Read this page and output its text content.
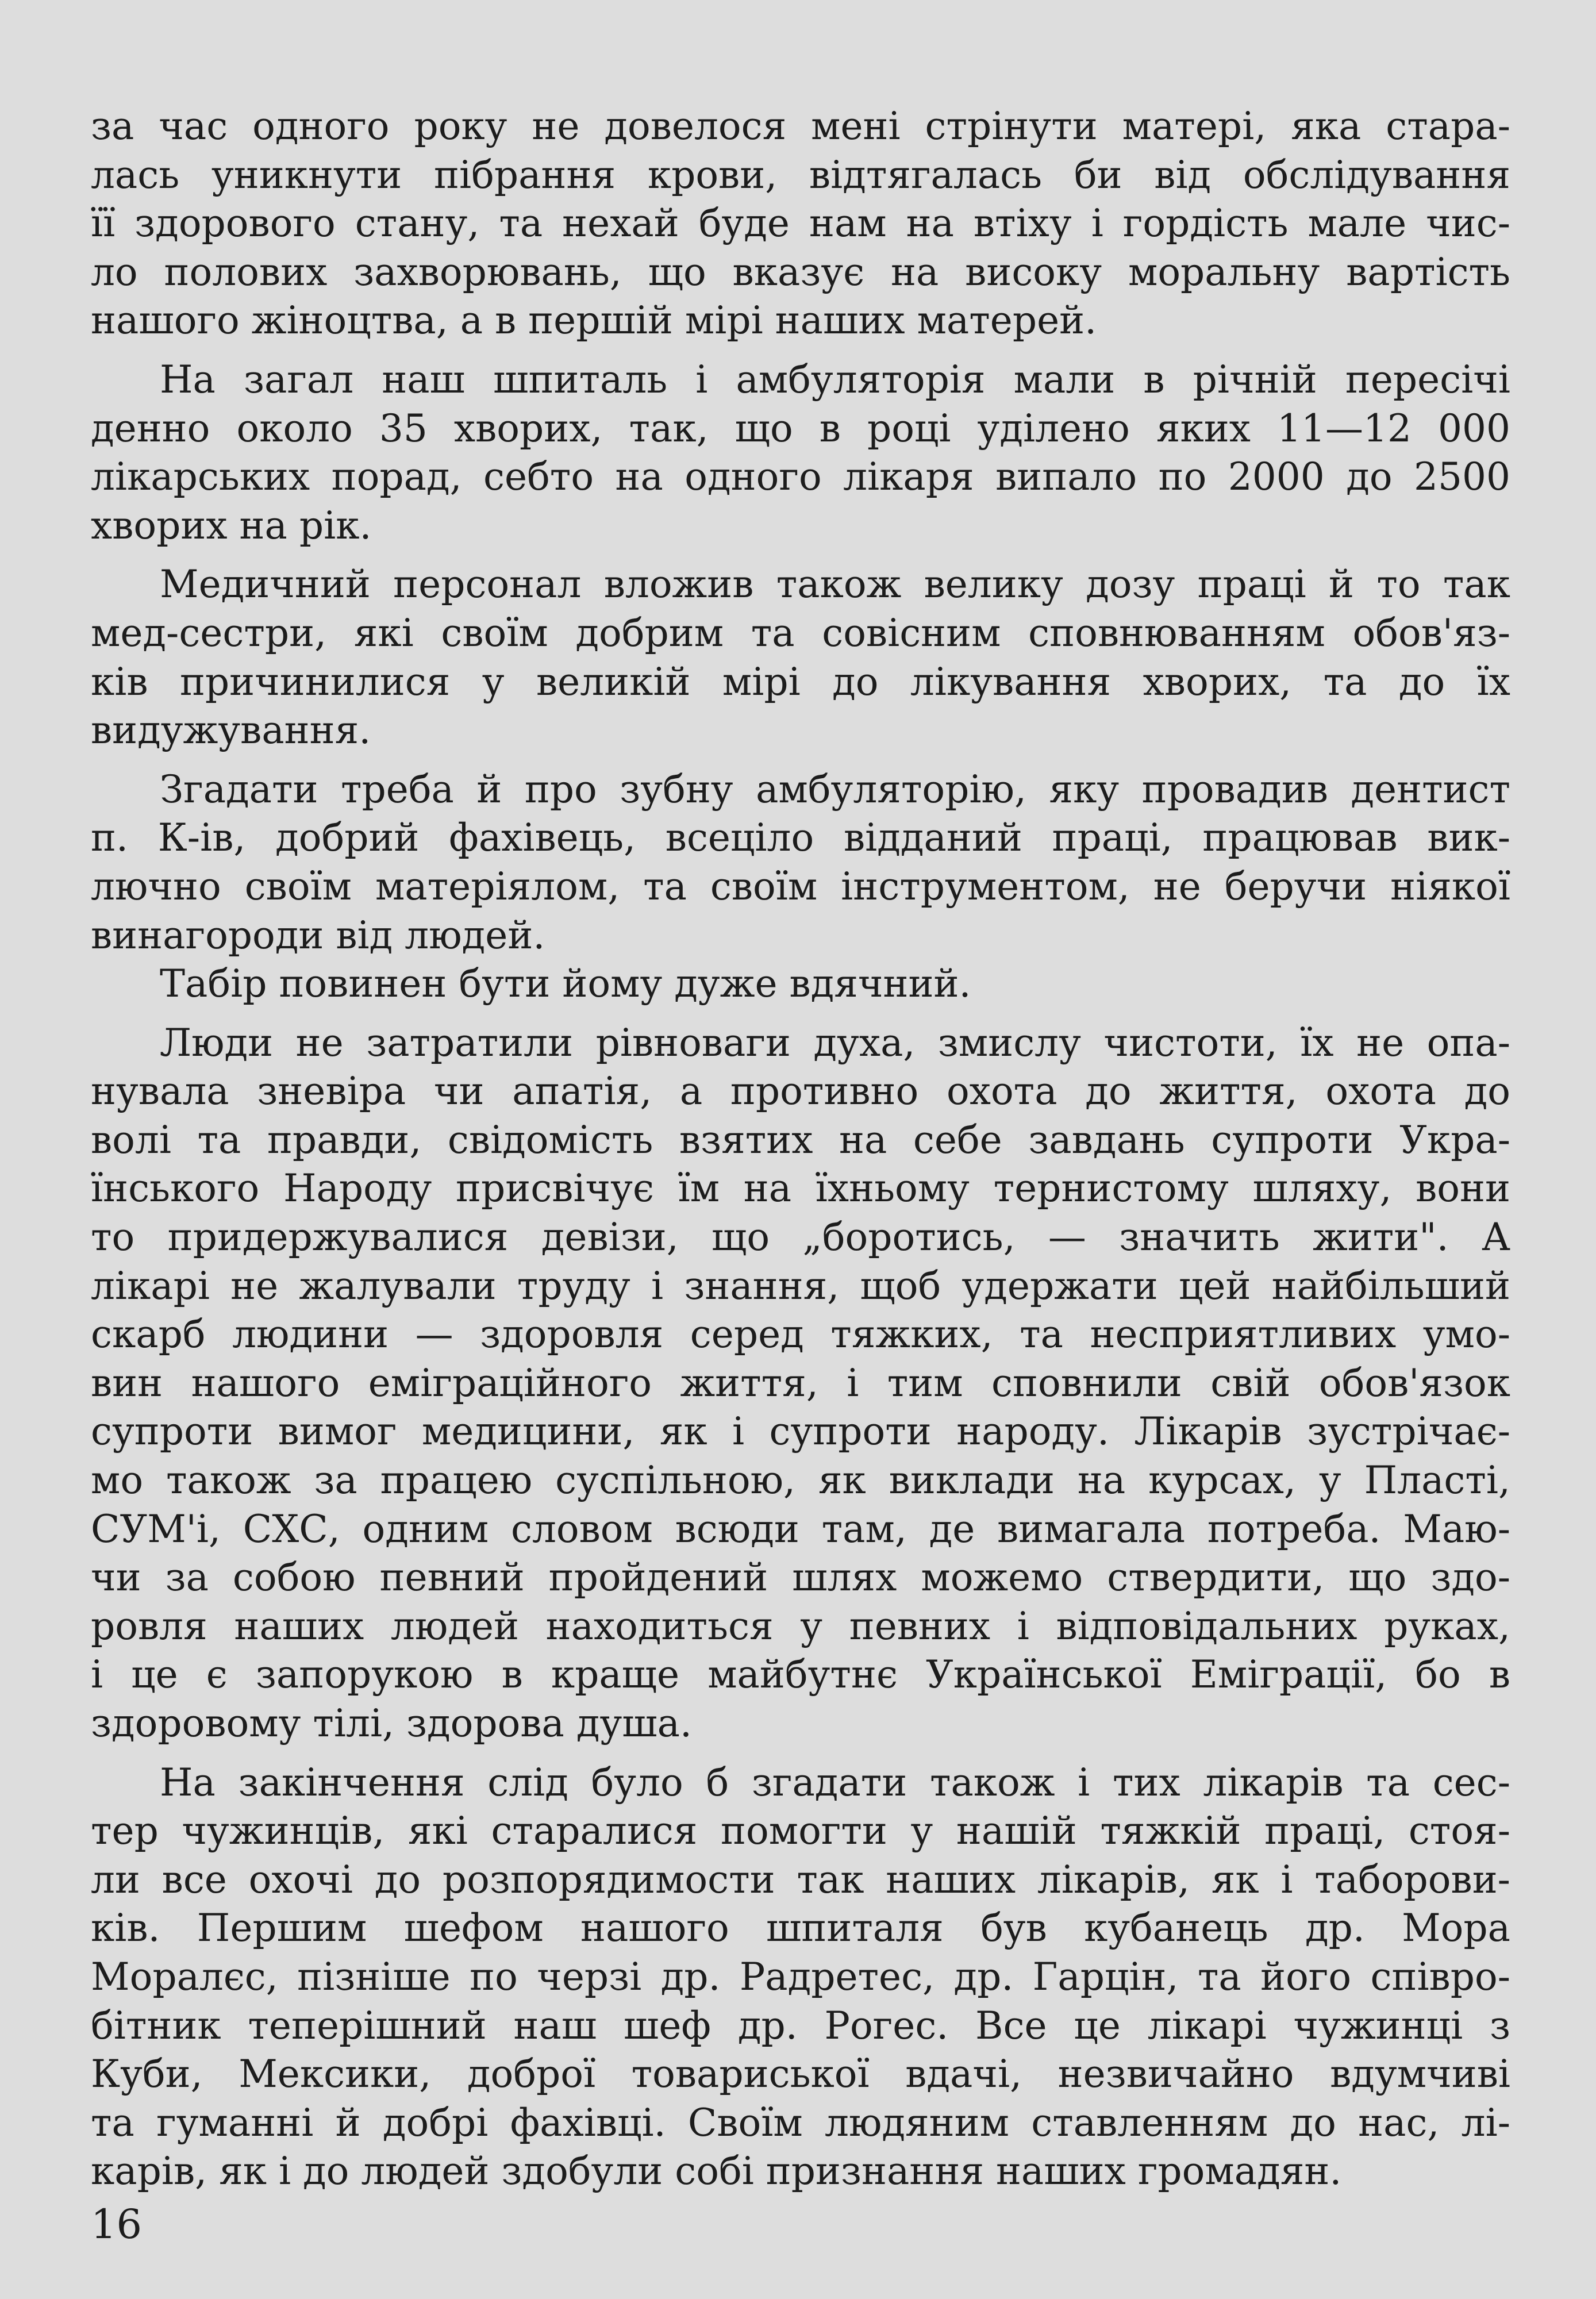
за час одного року не довелося мені стрінути матері, яка стара-
лась уникнути пібрання крови, відтягалась би від обслідування
її здорового стану, та нехай буде нам на втіху і гордість мале чис-
ло полових захворювань, що вказує на високу моральну вартість
нашого жіноцтва, а в першій мірі наших матерей.

На загал наш шпиталь і амбуляторія мали в річній пересічі
денно около 35 хворих, так, що в році уділено яких 11—12 000
лікарських порад, себто на одного лікаря випало по 2000 до 2500
хворих на рік.

Медичний персонал вложив також велику дозу праці й то так
мед-сестри, які своїм добрим та совісним сповнюванням обов'яз-
ків причинилися у великій мірі до лікування хворих, та до їх
видужування.

Згадати треба й про зубну амбуляторію, яку провадив дентист
п. К-ів, добрий фахівець, всеціло відданий праці, працював вик-
лючно своїм матеріялом, та своїм інструментом, не беручи ніякої
винагороди від людей.

Табір повинен бути йому дуже вдячний.

Люди не затратили рівноваги духа, змислу чистоти, їх не опа-
нувала зневіра чи апатія, а противно охота до життя, охота до
волі та правди, свідомість взятих на себе завдань супроти Укра-
їнського Народу присвічує їм на їхньому тернистому шляху, вони
то придержувалися девізи, що „боротись, — значить жити". А
лікарі не жалували труду і знання, щоб удержати цей найбільший
скарб людини — здоровля серед тяжких, та несприятливих умо-
вин нашого еміграційного життя, і тим сповнили свій обов'язок
супроти вимог медицини, як і супроти народу. Лікарів зустрічає-
мо також за працею суспільною, як виклади на курсах, у Пласті,
СУМ'і, СХС, одним словом всюди там, де вимагала потреба. Маю-
чи за собою певний пройдений шлях можемо ствердити, що здо-
ровля наших людей находиться у певних і відповідальних руках,
і це є запорукою в краще майбутнє Української Еміграції, бо в
здоровому тілі, здорова душа.

На закінчення слід було б згадати також і тих лікарів та сес-
тер чужинців, які старалися помогти у нашій тяжкій праці, стоя-
ли все охочі до розпорядимости так наших лікарів, як і таборови-
ків. Першим шефом нашого шпиталя був кубанець др. Мора
Моралєс, пізніше по черзі др. Радретес, др. Гарцін, та його співро-
бітник теперішний наш шеф др. Рогес. Все це лікарі чужинці з
Куби, Мексики, доброї товариської вдачі, незвичайно вдумчиві
та гуманні й добрі фахівці. Своїм людяним ставленням до нас, лі-
карів, як і до людей здобули собі признання наших громадян.

16
